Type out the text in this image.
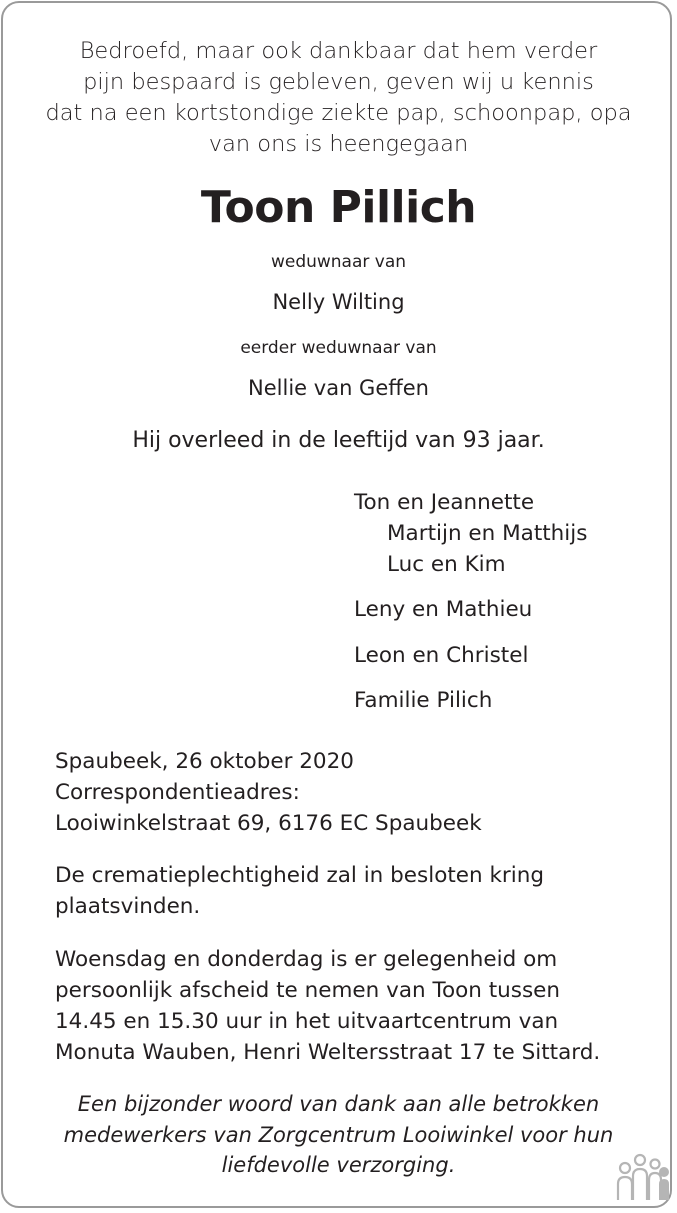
Bedroefd, maar ook dankbaar dat hem verder
pijn bespaard is gebleven, geven wij u kennis
dat na een kortstondige ziekte pap, schoonpap, opa
van ons is heengegaan
Toon Pillich
weduwnaar van
Nelly Wilting
eerder weduwnaar van
Nellie van Geffen
Hij overleed in de leeftijd van 93 jaar.
Ton en Jeannette
Martijn en Matthijs
Luc en Kim
Leny en Mathieu
Leon en Christel
Familie Pilich
Spaubeek, 26 oktober 2020
Correspondentieadres:
Looiwinkelstraat 69, 6176 EC Spaubeek
De crematieplechtigheid zal in besloten kring
plaatsvinden.
Woensdag en donderdag is er gelegenheid om
persoonlijk afscheid te nemen van Toon tussen
14.45 en 15.30 uur in het uitvaartcentrum van
Monuta Wauben, Henri Weltersstraat 17 te Sittard.
Een bijzonder woord van dank aan alle betrokken
medewerkers van Zorgcentrum Looiwinkel voor hun
liefdevolle verzorging.
